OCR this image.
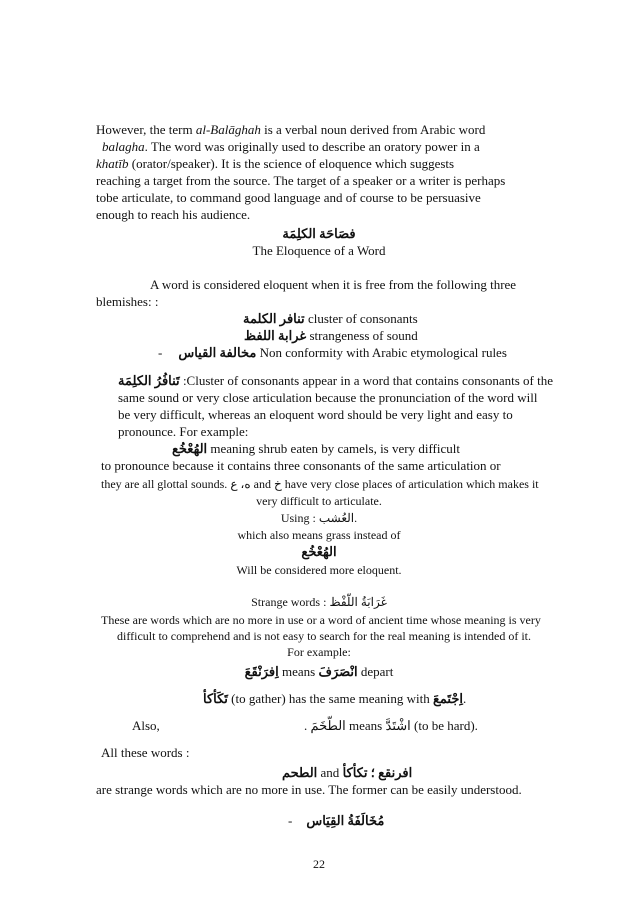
However, the term al-Balāghah is a verbal noun derived from Arabic word
balagha. The word was originally used to describe an oratory power in a
khatīb (orator/speaker). It is the science of eloquence which suggests
reaching a target from the source. The target of a speaker or a writer is perhaps
tobe articulate, to command good language and of course to be persuasive
enough to reach his audience.
فصَاحَة الكلِمَة
The Eloquence of a Word
A word is considered eloquent when it is free from the following three
blemishes: :
تنافر الكلمة cluster of consonants
غرابة اللفظ strangeness of sound
- مخالفة القياس Non conformity with Arabic etymological rules
تَنافُرُ الكلِمَة :Cluster of consonants appear in a word that contains consonants of the
same sound or very close articulation because the pronunciation of the word will
be very difficult, whereas an eloquent word should be very light and easy to
pronounce. For example:
الهُعْخُع meaning shrub eaten by camels, is very difficult
to pronounce because it contains three consonants of the same articulation or
they are all glottal sounds. ه، ع and خ have very close places of articulation which makes it
very difficult to articulate.
Using : العُشب.
which also means grass instead of
الهُعْخُع
Will be considered more eloquent.
Strange words : غَرَابَةُ اللّفْظ
These are words which are no more in use or a word of ancient time whose meaning is very
difficult to comprehend and is not easy to search for the real meaning is intended of it.
For example:
اِفرَنْقَعَ means انْصَرَفَ depart
تَكَأكأ (to gather) has the same meaning with اِجْتَمعَ.
Also,	. الطّخَمَ means اشْتَدَّ (to be hard).
All these words :
الطحم and افرنقع ؛ تكأكأ
are strange words which are no more in use. The former can be easily understood.
- مُخَالَفَةُ القِيَاس
22
